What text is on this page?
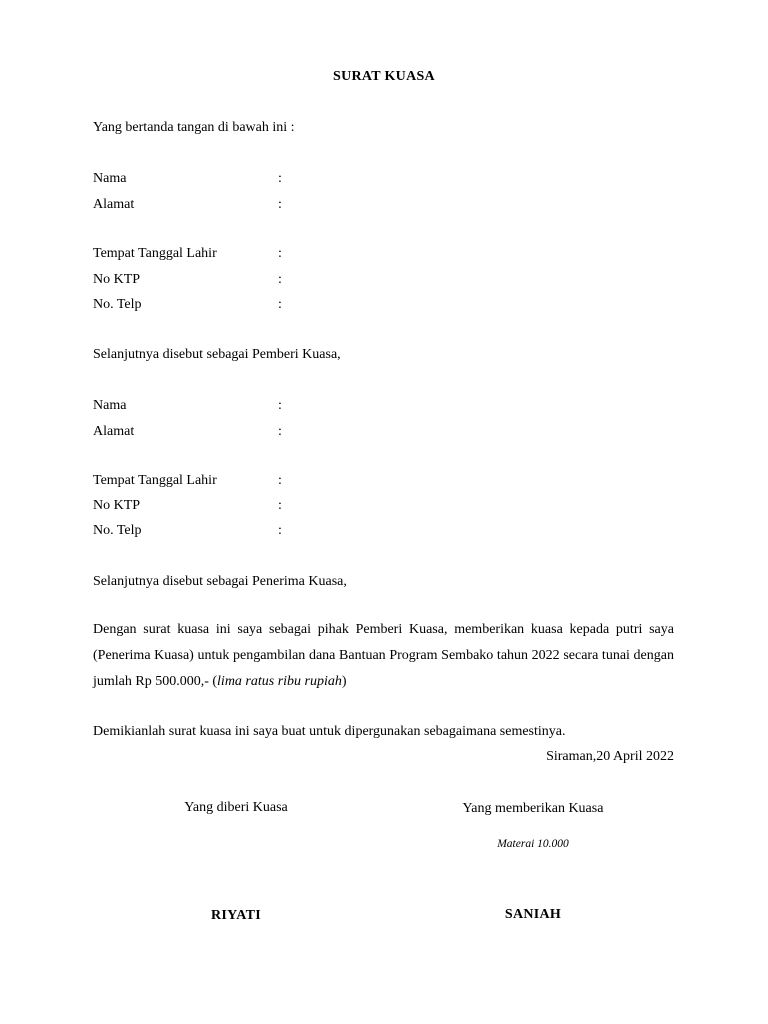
SURAT KUASA
Yang bertanda tangan di bawah ini :
Nama	:
Alamat	:
Tempat Tanggal Lahir	:
No KTP	:
No. Telp	:
Selanjutnya disebut sebagai Pemberi Kuasa,
Nama	:
Alamat	:
Tempat Tanggal Lahir	:
No KTP	:
No. Telp	:
Selanjutnya disebut sebagai Penerima Kuasa,
Dengan surat kuasa ini saya sebagai pihak Pemberi Kuasa, memberikan kuasa kepada putri saya (Penerima Kuasa) untuk pengambilan dana Bantuan Program Sembako tahun 2022 secara tunai dengan jumlah Rp 500.000,- (lima ratus ribu rupiah)
Demikianlah surat kuasa ini saya buat untuk dipergunakan sebagaimana semestinya.
Siraman,20 April 2022
Yang diberi Kuasa	Yang memberikan Kuasa
Materai 10.000
RIYATI	SANIAH
